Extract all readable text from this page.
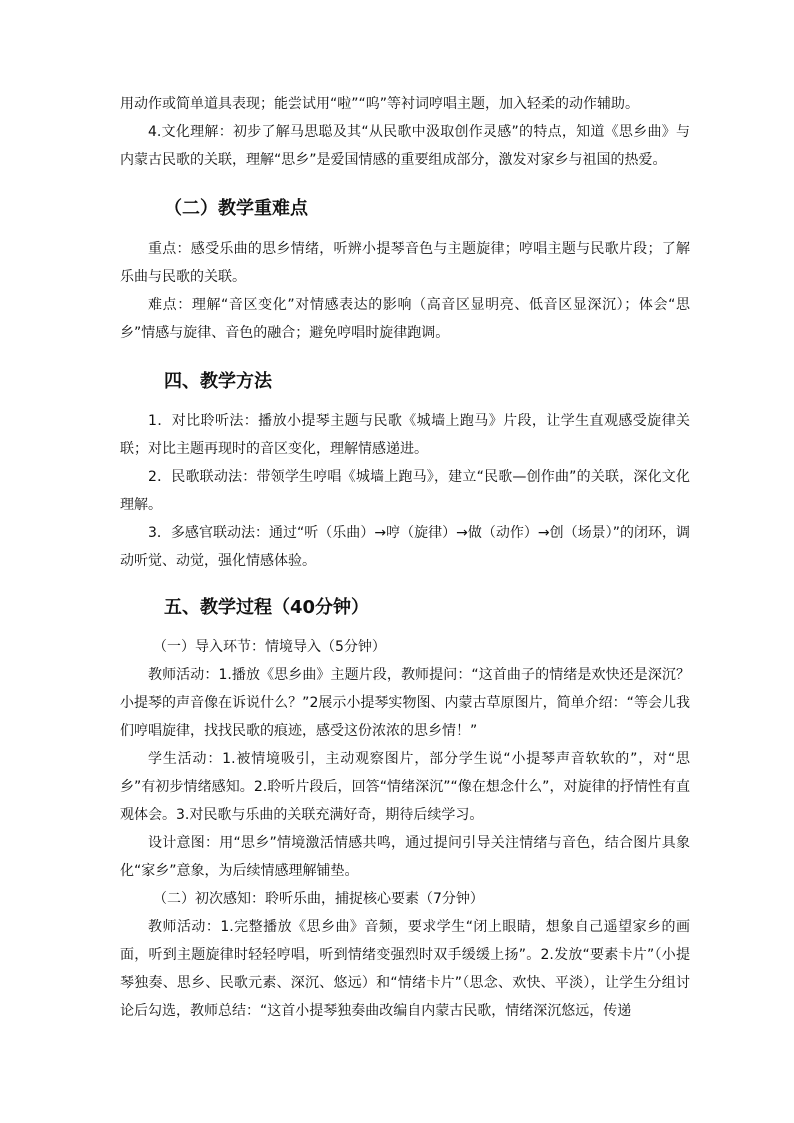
用动作或简单道具表现；能尝试用“啦”“呜”等衬词哼唱主题，加入轻柔的动作辅助。

4.文化理解：初步了解马思聪及其“从民歌中汲取创作灵感”的特点，知道《思乡曲》与内蒙古民歌的关联，理解“思乡”是爱国情感的重要组成部分，激发对家乡与祖国的热爱。

（二）教学重难点

重点：感受乐曲的思乡情绪，听辨小提琴音色与主题旋律；哼唱主题与民歌片段；了解乐曲与民歌的关联。

难点：理解“音区变化”对情感表达的影响（高音区显明亮、低音区显深沉）；体会“思乡”情感与旋律、音色的融合；避免哼唱时旋律跑调。

四、教学方法

1．对比聆听法：播放小提琴主题与民歌《城墙上跑马》片段，让学生直观感受旋律关联；对比主题再现时的音区变化，理解情感递进。

2．民歌联动法：带领学生哼唱《城墙上跑马》，建立“民歌—创作曲”的关联，深化文化理解。

3．多感官联动法：通过“听（乐曲）→哼（旋律）→做（动作）→创（场景）”的闭环，调动听觉、动觉，强化情感体验。

五、教学过程（40分钟）

（一）导入环节：情境导入（5分钟）

教师活动：1.播放《思乡曲》主题片段，教师提问：“这首曲子的情绪是欢快还是深沉？小提琴的声音像在诉说什么？”2展示小提琴实物图、内蒙古草原图片，简单介绍：“等会儿我们哼唱旋律，找找民歌的痕迹，感受这份浓浓的思乡情！”

学生活动：1.被情境吸引，主动观察图片，部分学生说“小提琴声音软软的”，对“思乡”有初步情绪感知。2.聆听片段后，回答“情绪深沉”“像在想念什么”，对旋律的抒情性有直观体会。3.对民歌与乐曲的关联充满好奇，期待后续学习。

设计意图：用“思乡”情境激活情感共鸣，通过提问引导关注情绪与音色，结合图片具象化“家乡”意象，为后续情感理解铺垫。

（二）初次感知：聆听乐曲，捕捉核心要素（7分钟）

教师活动：1.完整播放《思乡曲》音频，要求学生“闭上眼睛，想象自己遥望家乡的画面，听到主题旋律时轻轻哼唱，听到情绪变强烈时双手缓缓上扬”。2.发放“要素卡片”（小提琴独奏、思乡、民歌元素、深沉、悠远）和“情绪卡片”（思念、欢快、平淡），让学生分组讨论后勾选，教师总结：“这首小提琴独奏曲改编自内蒙古民歌，情绪深沉悠远，传递
